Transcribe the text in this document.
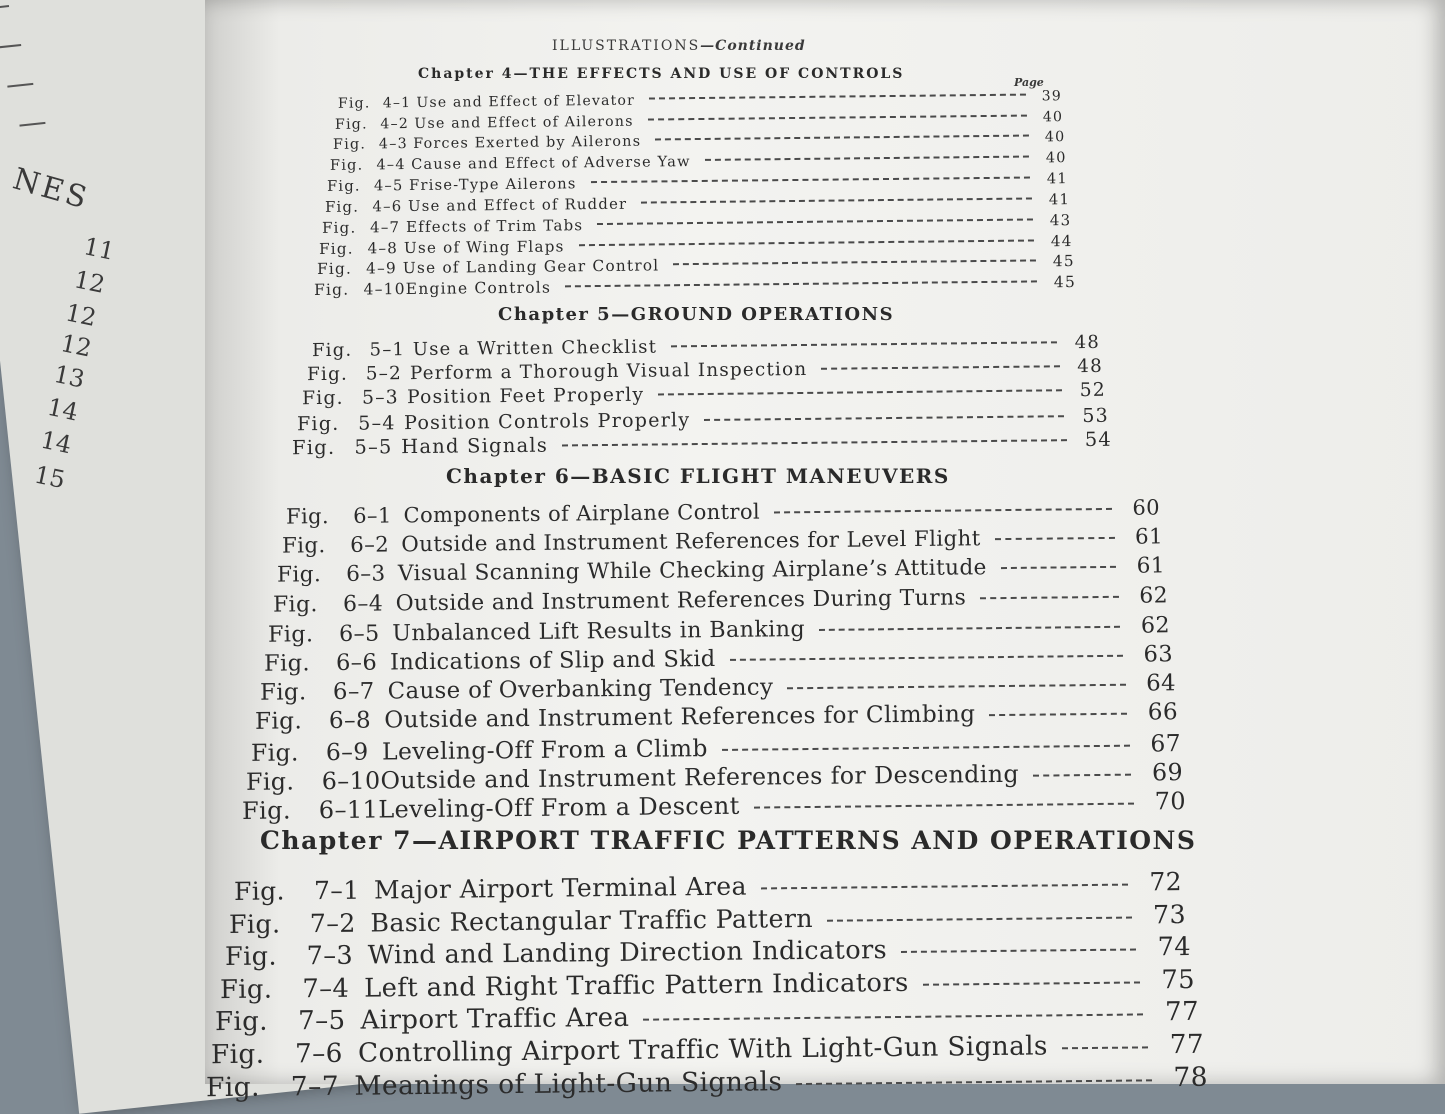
NES
11
12
12
12
13
14
14
15
ILLUSTRATIONS—Continued
Chapter 4—THE EFFECTS AND USE OF CONTROLS
Page
Fig. 4–1 Use and Effect of Elevator	39
Fig. 4–2 Use and Effect of Ailerons	40
Fig. 4–3 Forces Exerted by Ailerons	40
Fig. 4–4 Cause and Effect of Adverse Yaw	40
Fig. 4–5 Frise-Type Ailerons	41
Fig. 4–6 Use and Effect of Rudder	41
Fig. 4–7 Effects of Trim Tabs	43
Fig. 4–8 Use of Wing Flaps	44
Fig. 4–9 Use of Landing Gear Control	45
Fig. 4–10 Engine Controls	45
Chapter 5—GROUND OPERATIONS
Fig. 5–1 Use a Written Checklist	48
Fig. 5–2 Perform a Thorough Visual Inspection	48
Fig. 5–3 Position Feet Properly	52
Fig. 5–4 Position Controls Properly	53
Fig. 5–5 Hand Signals	54
Chapter 6—BASIC FLIGHT MANEUVERS
Fig.	6–1 Components of Airplane Control	60
Fig.	6–2 Outside and Instrument References for Level Flight	61
Fig.	6–3 Visual Scanning While Checking Airplane’s Attitude	61
Fig.	6–4 Outside and Instrument References During Turns	62
Fig.	6–5 Unbalanced Lift Results in Banking	62
Fig.	6–6 Indications of Slip and Skid	63
Fig.	6–7 Cause of Overbanking Tendency	64
Fig.	6–8 Outside and Instrument References for Climbing	66
Fig.	6–9 Leveling-Off From a Climb	67
Fig.	6–10 Outside and Instrument References for Descending	69
Fig.	6–11 Leveling-Off From a Descent	70
Chapter 7—AIRPORT TRAFFIC PATTERNS AND OPERATIONS
Fig.	7–1 Major Airport Terminal Area	72
Fig.	7–2 Basic Rectangular Traffic Pattern	73
Fig.	7–3 Wind and Landing Direction Indicators	74
Fig.	7–4 Left and Right Traffic Pattern Indicators	75
Fig.	7–5 Airport Traffic Area	77
Fig.	7–6 Controlling Airport Traffic With Light-Gun Signals	77
Fig.	7–7 Meanings of Light-Gun Signals	78
